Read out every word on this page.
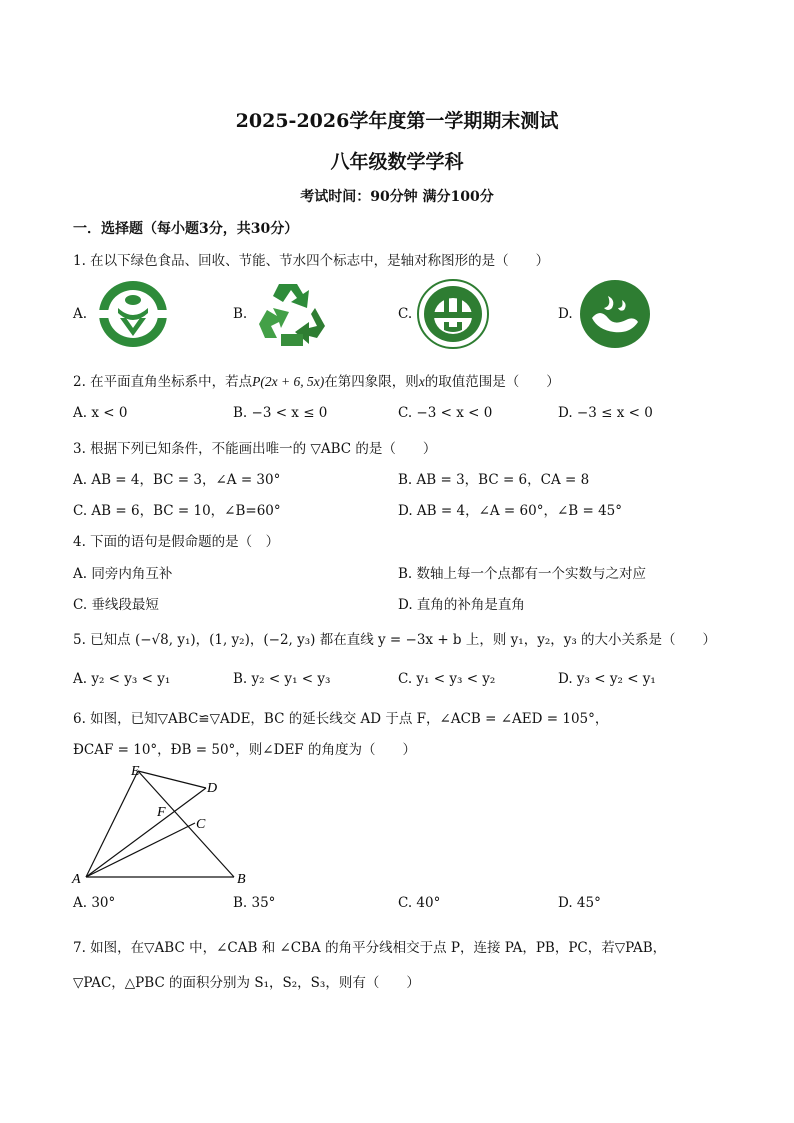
2025-2026学年度第一学期期末测试
八年级数学学科
考试时间：90分钟 满分100分
一．选择题（每小题3分，共30分）
1. 在以下绿色食品、回收、节能、节水四个标志中，是轴对称图形的是（　　）
A.	B.	C.	D.
2. 在平面直角坐标系中，若点P(2x + 6, 5x)在第四象限，则x的取值范围是（　　）
A. x < 0	B. −3 < x ≤ 0	C. −3 < x < 0	D. −3 ≤ x < 0
3. 根据下列已知条件，不能画出唯一的 ▽ABC 的是（　　）
A. AB = 4，BC = 3，∠A = 30°	B. AB = 3，BC = 6，CA = 8
C. AB = 6，BC = 10，∠B=60°	D. AB = 4，∠A = 60°，∠B = 45°
4. 下面的语句是假命题的是（　）
A. 同旁内角互补	B. 数轴上每一个点都有一个实数与之对应
C. 垂线段最短	D. 直角的补角是直角
5. 已知点 (−√8, y₁)，(1, y₂)，(−2, y₃) 都在直线 y = −3x + b 上，则 y₁，y₂，y₃ 的大小关系是（　　）
A. y₂ < y₃ < y₁	B. y₂ < y₁ < y₃	C. y₁ < y₃ < y₂	D. y₃ < y₂ < y₁
6. 如图，已知▽ABC≌▽ADE，BC 的延长线交 AD 于点 F，∠ACB = ∠AED = 105°，
ÐCAF = 10°，ÐB = 50°，则∠DEF 的角度为（　　）
E
D
F
C
A	B
A. 30°	B. 35°	C. 40°	D. 45°
7. 如图，在▽ABC 中，∠CAB 和 ∠CBA 的角平分线相交于点 P，连接 PA，PB，PC，若▽PAB，
▽PAC，△PBC 的面积分别为 S₁，S₂，S₃，则有（　　）
